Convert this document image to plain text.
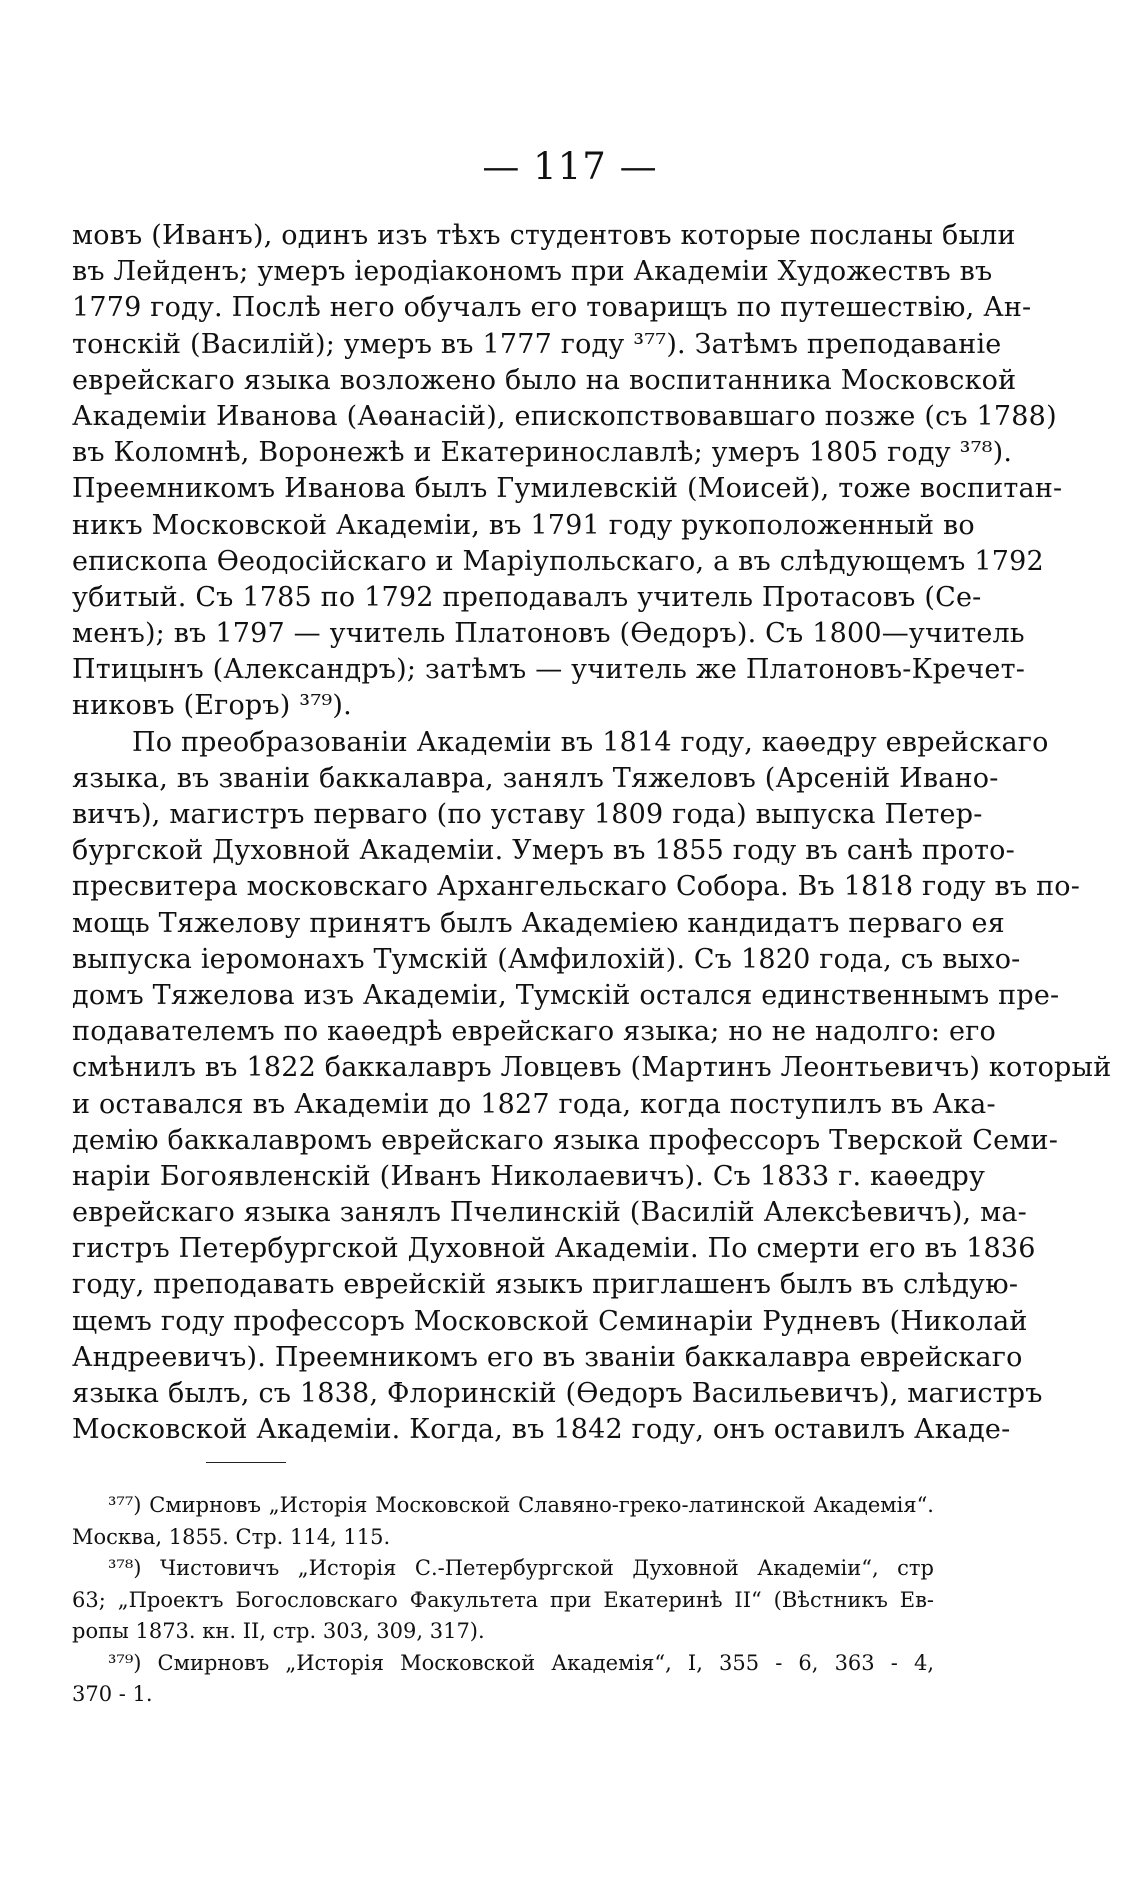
— 117 —
мовъ (Иванъ), одинъ изъ тѣхъ студентовъ которые посланы были
въ Лейденъ; умеръ іеродіакономъ при Академіи Художествъ въ
1779 году. Послѣ него обучалъ его товарищъ по путешествію, Ан-
тонскій (Василій); умеръ въ 1777 году ³⁷⁷). Затѣмъ преподаваніе
еврейскаго языка возложено было на воспитанника Московской
Академіи Иванова (Аѳанасій), епископствовавшаго позже (съ 1788)
въ Коломнѣ, Воронежѣ и Екатеринославлѣ; умеръ 1805 году ³⁷⁸).
Преемникомъ Иванова былъ Гумилевскій (Моисей), тоже воспитан-
никъ Московской Академіи, въ 1791 году рукоположенный во
епископа Ѳеодосійскаго и Маріупольскаго, а въ слѣдующемъ 1792
убитый. Съ 1785 по 1792 преподавалъ учитель Протасовъ (Се-
менъ); въ 1797 — учитель Платоновъ (Ѳедоръ). Съ 1800—учитель
Птицынъ (Александръ); затѣмъ — учитель же Платоновъ-Кречет-
никовъ (Егоръ) ³⁷⁹).
По преобразованіи Академіи въ 1814 году, каѳедру еврейскаго
языка, въ званіи баккалавра, занялъ Тяжеловъ (Арсеній Ивано-
вичъ), магистръ перваго (по уставу 1809 года) выпуска Петер-
бургской Духовной Академіи. Умеръ въ 1855 году въ санѣ прото-
пресвитера московскаго Архангельскаго Собора. Въ 1818 году въ по-
мощь Тяжелову принятъ былъ Академіею кандидатъ перваго ея
выпуска іеромонахъ Тумскій (Амфилохій). Съ 1820 года, съ выхо-
домъ Тяжелова изъ Академіи, Тумскій остался единственнымъ пре-
подавателемъ по каѳедрѣ еврейскаго языка; но не надолго: его
смѣнилъ въ 1822 баккалавръ Ловцевъ (Мартинъ Леонтьевичъ) который
и оставался въ Академіи до 1827 года, когда поступилъ въ Ака-
демію баккалавромъ еврейскаго языка профессоръ Тверской Семи-
наріи Богоявленскій (Иванъ Николаевичъ). Съ 1833 г. каѳедру
еврейскаго языка занялъ Пчелинскій (Василій Алексѣевичъ), ма-
гистръ Петербургской Духовной Академіи. По смерти его въ 1836
году, преподавать еврейскій языкъ приглашенъ былъ въ слѣдую-
щемъ году профессоръ Московской Семинаріи Рудневъ (Николай
Андреевичъ). Преемникомъ его въ званіи баккалавра еврейскаго
языка былъ, съ 1838, Флоринскій (Ѳедоръ Васильевичъ), магистръ
Московской Академіи. Когда, въ 1842 году, онъ оставилъ Акаде-
³⁷⁷) Смирновъ „Исторія Московской Славяно-греко-латинской Академія“.
Москва, 1855. Стр. 114, 115.
³⁷⁸) Чистовичъ „Исторія С.-Петербургской Духовной Академіи“, стр
63; „Проектъ Богословскаго Факультета при Екатеринѣ II“ (Вѣстникъ Ев-
ропы 1873. кн. II, стр. 303, 309, 317).
³⁷⁹) Смирновъ „Исторія Московской Академія“, I, 355 - 6, 363 - 4,
370 - 1.
